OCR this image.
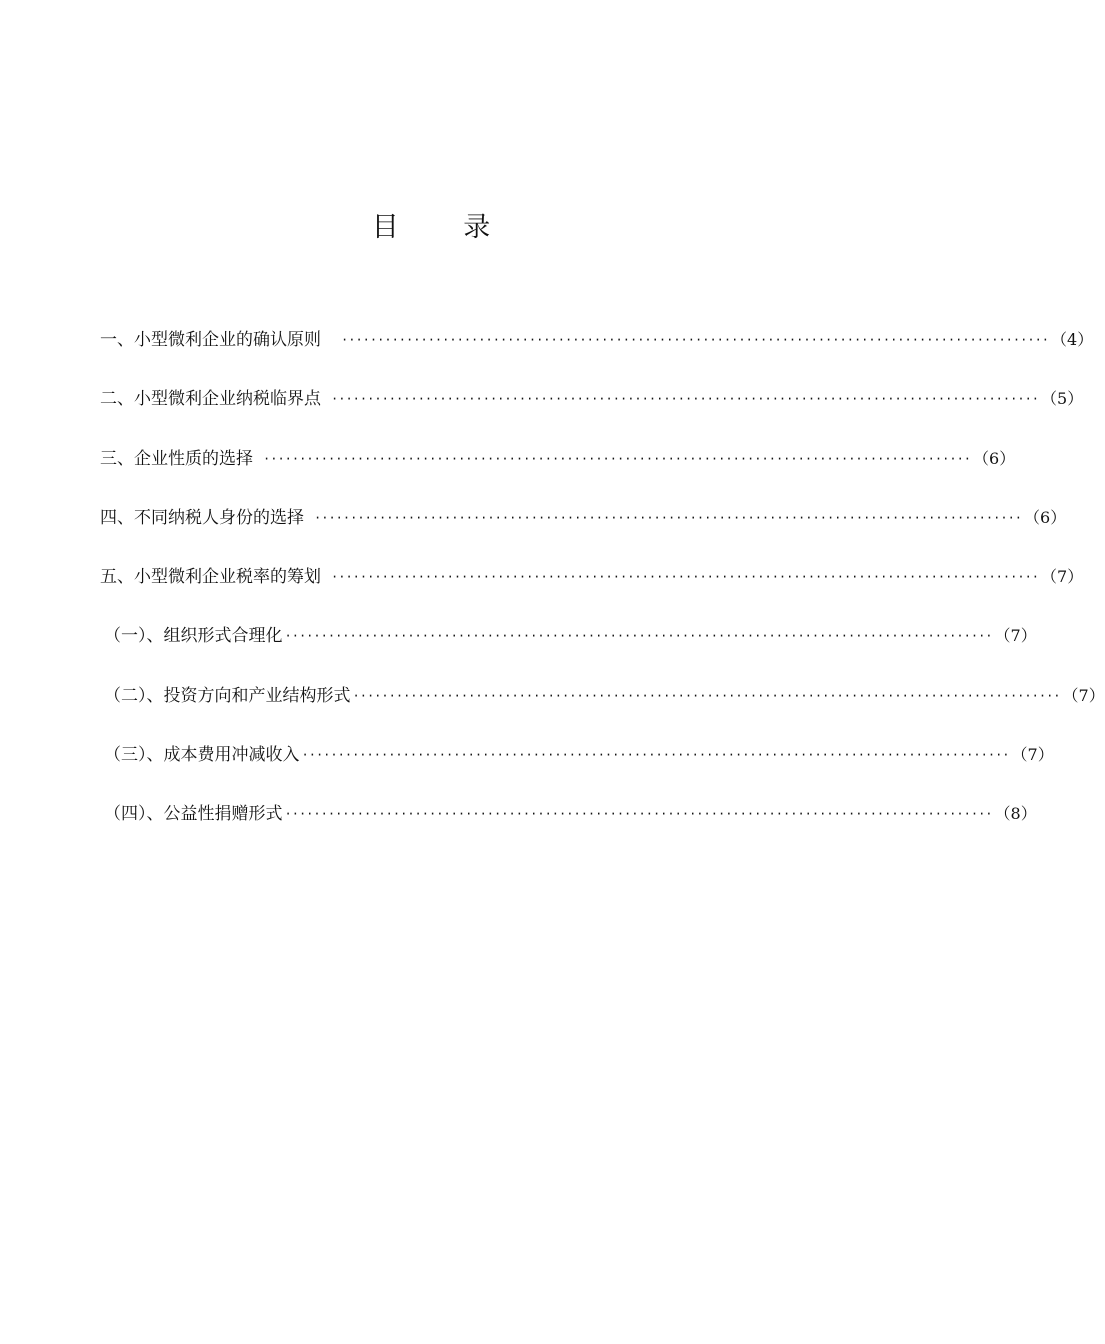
目 录
一、小型微利企业的确认原则 ·································································································· （4）
二、小型微利企业纳税临界点 ·································································································· （5）
三、企业性质的选择 ·································································································· （6）
四、不同纳税人身份的选择 ·································································································· （6）
五、小型微利企业税率的筹划 ·································································································· （7）
（一）、组织形式合理化 ·································································································· （7）
（二）、投资方向和产业结构形式 ·································································································· （7）
（三）、成本费用冲减收入 ·································································································· （7）
（四）、公益性捐赠形式 ·································································································· （8）
